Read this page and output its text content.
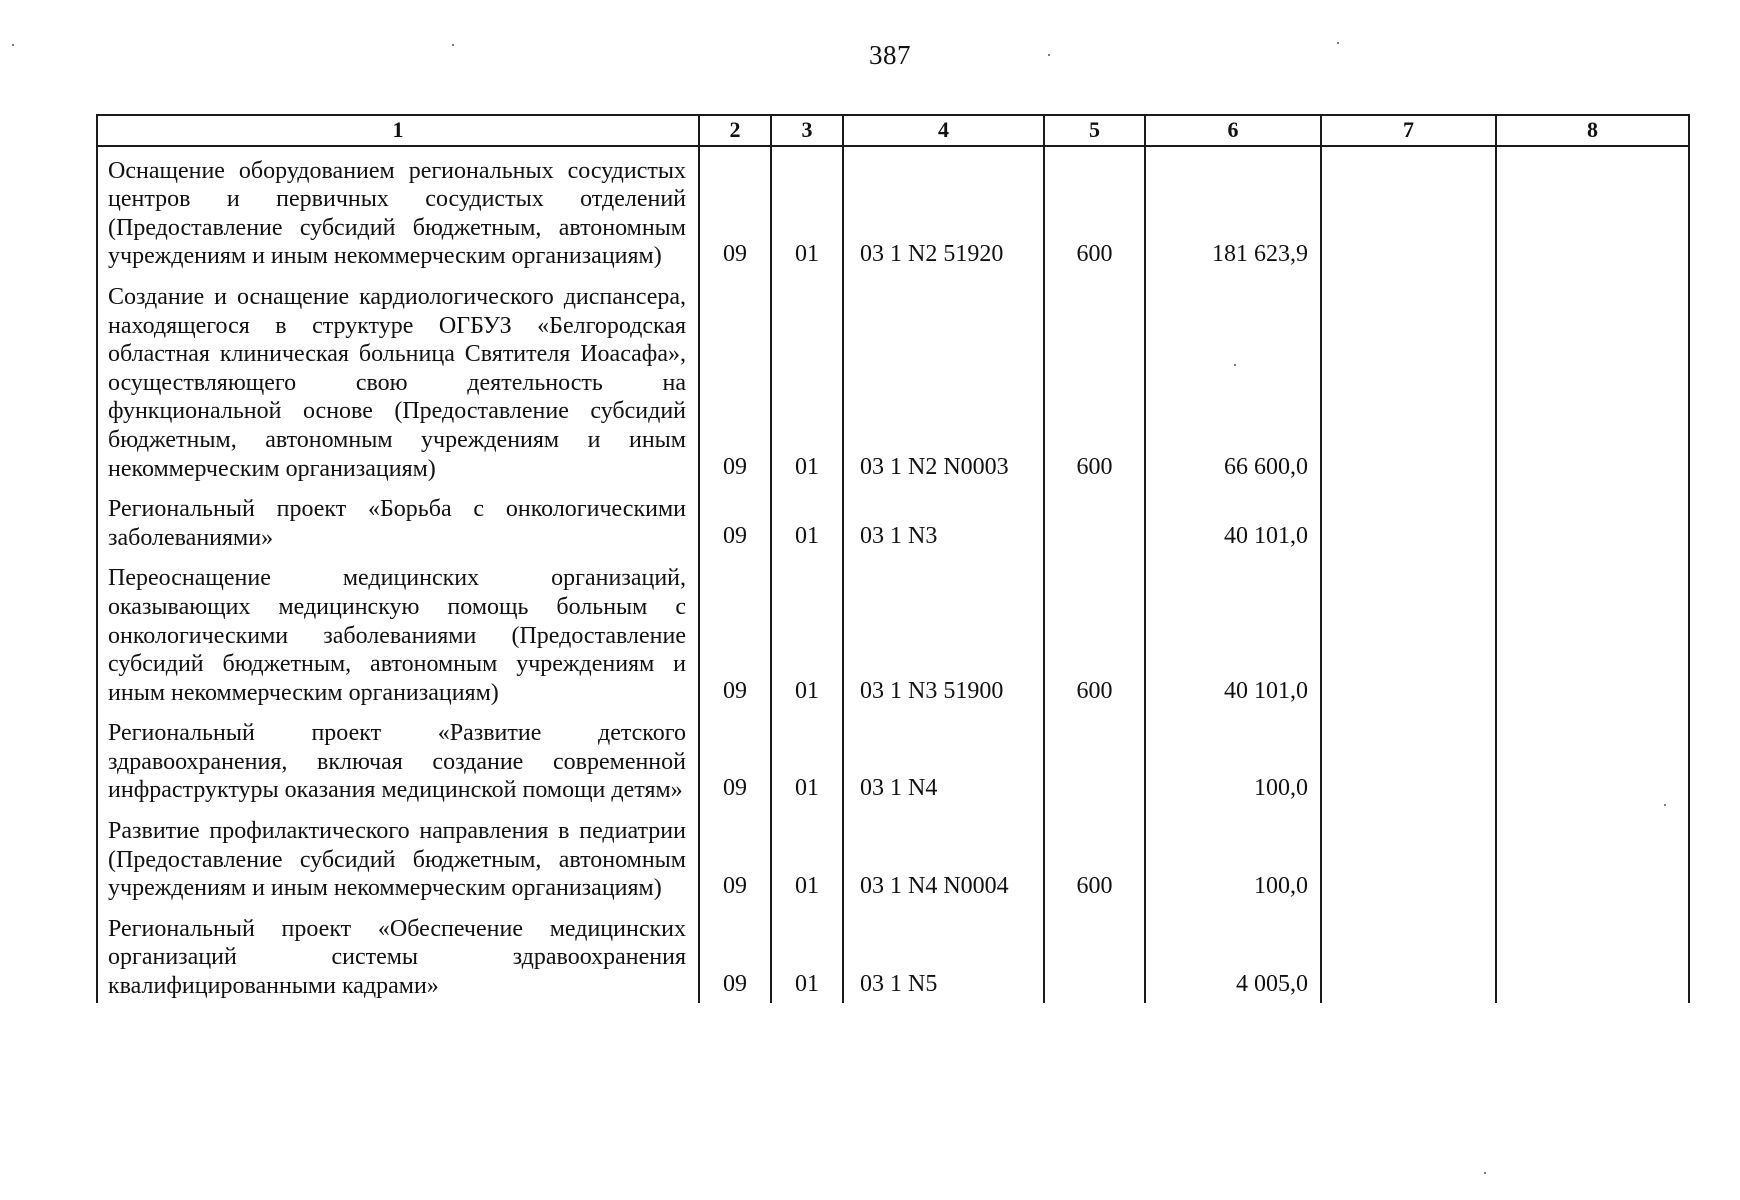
387
1	2	3	4	5	6	7	8
Оснащение оборудованием региональных сосудистых центров и первичных сосудистых отделений (Предоставление субсидий бюджетным, автономным учреждениям и иным некоммерческим организациям)	09	01	03 1 N2 51920	600	181 623,9		
Создание и оснащение кардиологического диспансера, находящегося в структуре ОГБУЗ «Белгородская областная клиническая больница Святителя Иоасафа», осуществляющего свою деятельность на функциональной основе (Предоставление субсидий бюджетным, автономным учреждениям и иным некоммерческим организациям)	09	01	03 1 N2 N0003	600	66 600,0		
Региональный проект «Борьба с онкологическими заболеваниями»	09	01	03 1 N3		40 101,0		
Переоснащение медицинских организаций, оказывающих медицинскую помощь больным с онкологическими заболеваниями (Предоставление субсидий бюджетным, автономным учреждениям и иным некоммерческим организациям)	09	01	03 1 N3 51900	600	40 101,0		
Региональный проект «Развитие детского здравоохранения, включая создание современной инфраструктуры оказания медицинской помощи детям»	09	01	03 1 N4		100,0		
Развитие профилактического направления в педиатрии (Предоставление субсидий бюджетным, автономным учреждениям и иным некоммерческим организациям)	09	01	03 1 N4 N0004	600	100,0		
Региональный проект «Обеспечение медицинских организаций системы здравоохранения квалифицированными кадрами»	09	01	03 1 N5		4 005,0		
